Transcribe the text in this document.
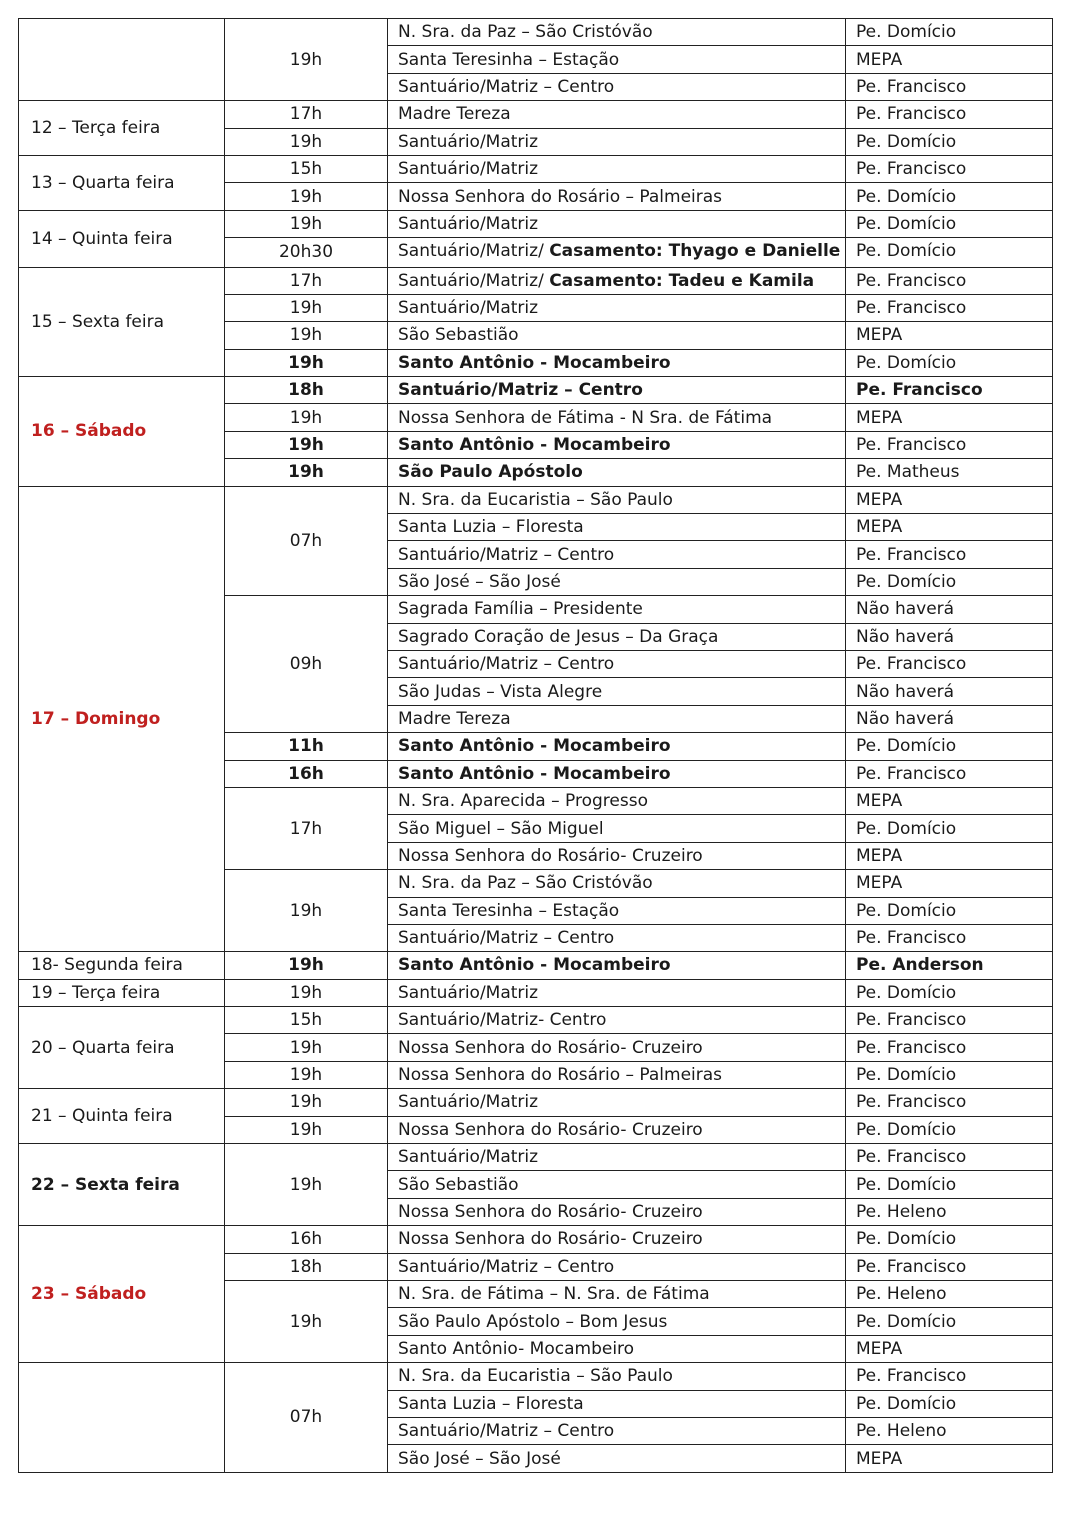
	19h	N. Sra. da Paz – São Cristóvão	Pe. Domício
		Santa Teresinha – Estação	MEPA
		Santuário/Matriz – Centro	Pe. Francisco
12 – Terça feira	17h	Madre Tereza	Pe. Francisco
	19h	Santuário/Matriz	Pe. Domício
13 – Quarta feira	15h	Santuário/Matriz	Pe. Francisco
	19h	Nossa Senhora do Rosário – Palmeiras	Pe. Domício
14 – Quinta feira	19h	Santuário/Matriz	Pe. Domício
	20h30	Santuário/Matriz/ Casamento: Thyago e Danielle	Pe. Domício
15 – Sexta feira	17h	Santuário/Matriz/ Casamento: Tadeu e Kamila	Pe. Francisco
	19h	Santuário/Matriz	Pe. Francisco
	19h	São Sebastião	MEPA
	19h	Santo Antônio - Mocambeiro	Pe. Domício
16 – Sábado	18h	Santuário/Matriz – Centro	Pe. Francisco
	19h	Nossa Senhora de Fátima - N Sra. de Fátima	MEPA
	19h	Santo Antônio - Mocambeiro	Pe. Francisco
	19h	São Paulo Apóstolo	Pe. Matheus
17 – Domingo	07h	N. Sra. da Eucaristia – São Paulo	MEPA
		Santa Luzia – Floresta	MEPA
		Santuário/Matriz – Centro	Pe. Francisco
		São José – São José	Pe. Domício
	09h	Sagrada Família – Presidente	Não haverá
		Sagrado Coração de Jesus – Da Graça	Não haverá
		Santuário/Matriz – Centro	Pe. Francisco
		São Judas – Vista Alegre	Não haverá
		Madre Tereza	Não haverá
	11h	Santo Antônio - Mocambeiro	Pe. Domício
	16h	Santo Antônio - Mocambeiro	Pe. Francisco
	17h	N. Sra. Aparecida – Progresso	MEPA
		São Miguel – São Miguel	Pe. Domício
		Nossa Senhora do Rosário- Cruzeiro	MEPA
	19h	N. Sra. da Paz – São Cristóvão	MEPA
		Santa Teresinha – Estação	Pe. Domício
		Santuário/Matriz – Centro	Pe. Francisco
18- Segunda feira	19h	Santo Antônio - Mocambeiro	Pe. Anderson
19 – Terça feira	19h	Santuário/Matriz	Pe. Domício
20 – Quarta feira	15h	Santuário/Matriz- Centro	Pe. Francisco
	19h	Nossa Senhora do Rosário- Cruzeiro	Pe. Francisco
	19h	Nossa Senhora do Rosário – Palmeiras	Pe. Domício
21 – Quinta feira	19h	Santuário/Matriz	Pe. Francisco
	19h	Nossa Senhora do Rosário- Cruzeiro	Pe. Domício
22 – Sexta feira	19h	Santuário/Matriz	Pe. Francisco
		São Sebastião	Pe. Domício
		Nossa Senhora do Rosário- Cruzeiro	Pe. Heleno
23 – Sábado	16h	Nossa Senhora do Rosário- Cruzeiro	Pe. Domício
	18h	Santuário/Matriz – Centro	Pe. Francisco
	19h	N. Sra. de Fátima – N. Sra. de Fátima	Pe. Heleno
		São Paulo Apóstolo – Bom Jesus	Pe. Domício
		Santo Antônio- Mocambeiro	MEPA
	07h	N. Sra. da Eucaristia – São Paulo	Pe. Francisco
		Santa Luzia – Floresta	Pe. Domício
		Santuário/Matriz – Centro	Pe. Heleno
		São José – São José	MEPA
